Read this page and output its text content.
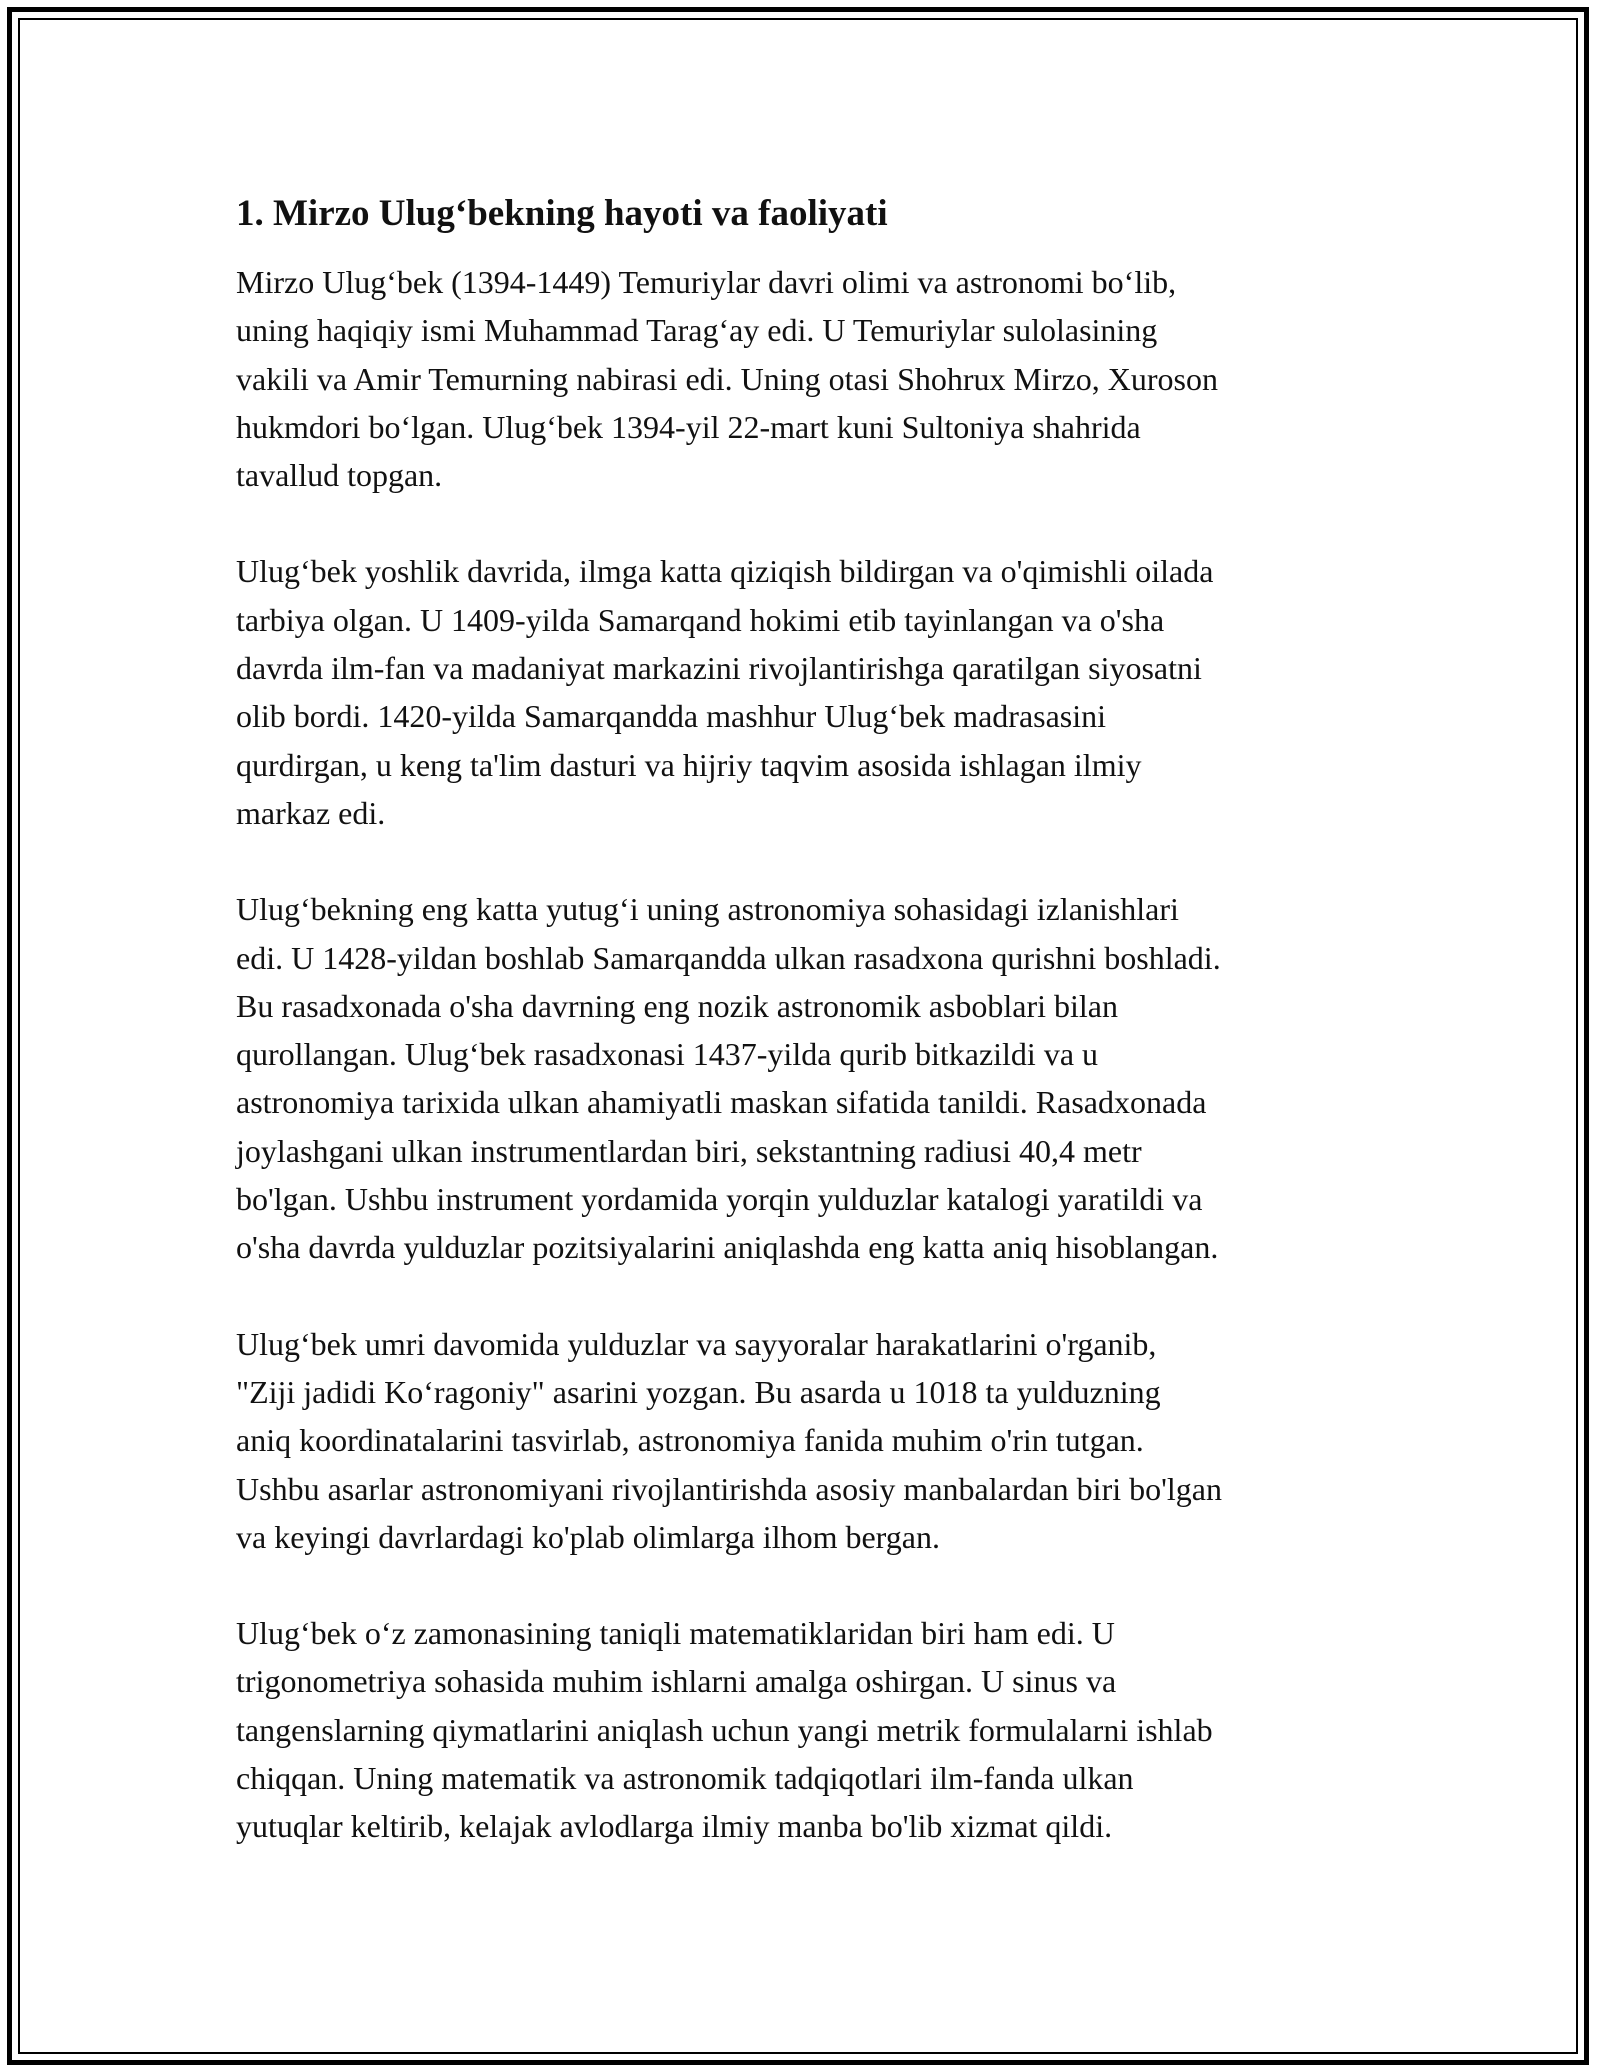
1. Mirzo Ulug‘bekning hayoti va faoliyati

Mirzo Ulug‘bek (1394-1449) Temuriylar davri olimi va astronomi bo‘lib,
uning haqiqiy ismi Muhammad Tarag‘ay edi. U Temuriylar sulolasining
vakili va Amir Temurning nabirasi edi. Uning otasi Shohrux Mirzo, Xuroson
hukmdori bo‘lgan. Ulug‘bek 1394-yil 22-mart kuni Sultoniya shahrida
tavallud topgan.

Ulug‘bek yoshlik davrida, ilmga katta qiziqish bildirgan va o'qimishli oilada
tarbiya olgan. U 1409-yilda Samarqand hokimi etib tayinlangan va o'sha
davrda ilm-fan va madaniyat markazini rivojlantirishga qaratilgan siyosatni
olib bordi. 1420-yilda Samarqandda mashhur Ulug‘bek madrasasini
qurdirgan, u keng ta'lim dasturi va hijriy taqvim asosida ishlagan ilmiy
markaz edi.

Ulug‘bekning eng katta yutug‘i uning astronomiya sohasidagi izlanishlari
edi. U 1428-yildan boshlab Samarqandda ulkan rasadxona qurishni boshladi.
Bu rasadxonada o'sha davrning eng nozik astronomik asboblari bilan
qurollangan. Ulug‘bek rasadxonasi 1437-yilda qurib bitkazildi va u
astronomiya tarixida ulkan ahamiyatli maskan sifatida tanildi. Rasadxonada
joylashgani ulkan instrumentlardan biri, sekstantning radiusi 40,4 metr
bo'lgan. Ushbu instrument yordamida yorqin yulduzlar katalogi yaratildi va
o'sha davrda yulduzlar pozitsiyalarini aniqlashda eng katta aniq hisoblangan.

Ulug‘bek umri davomida yulduzlar va sayyoralar harakatlarini o'rganib,
"Ziji jadidi Ko‘ragoniy" asarini yozgan. Bu asarda u 1018 ta yulduzning
aniq koordinatalarini tasvirlab, astronomiya fanida muhim o'rin tutgan.
Ushbu asarlar astronomiyani rivojlantirishda asosiy manbalardan biri bo'lgan
va keyingi davrlardagi ko'plab olimlarga ilhom bergan.

Ulug‘bek o‘z zamonasining taniqli matematiklaridan biri ham edi. U
trigonometriya sohasida muhim ishlarni amalga oshirgan. U sinus va
tangenslarning qiymatlarini aniqlash uchun yangi metrik formulalarni ishlab
chiqqan. Uning matematik va astronomik tadqiqotlari ilm-fanda ulkan
yutuqlar keltirib, kelajak avlodlarga ilmiy manba bo'lib xizmat qildi.
